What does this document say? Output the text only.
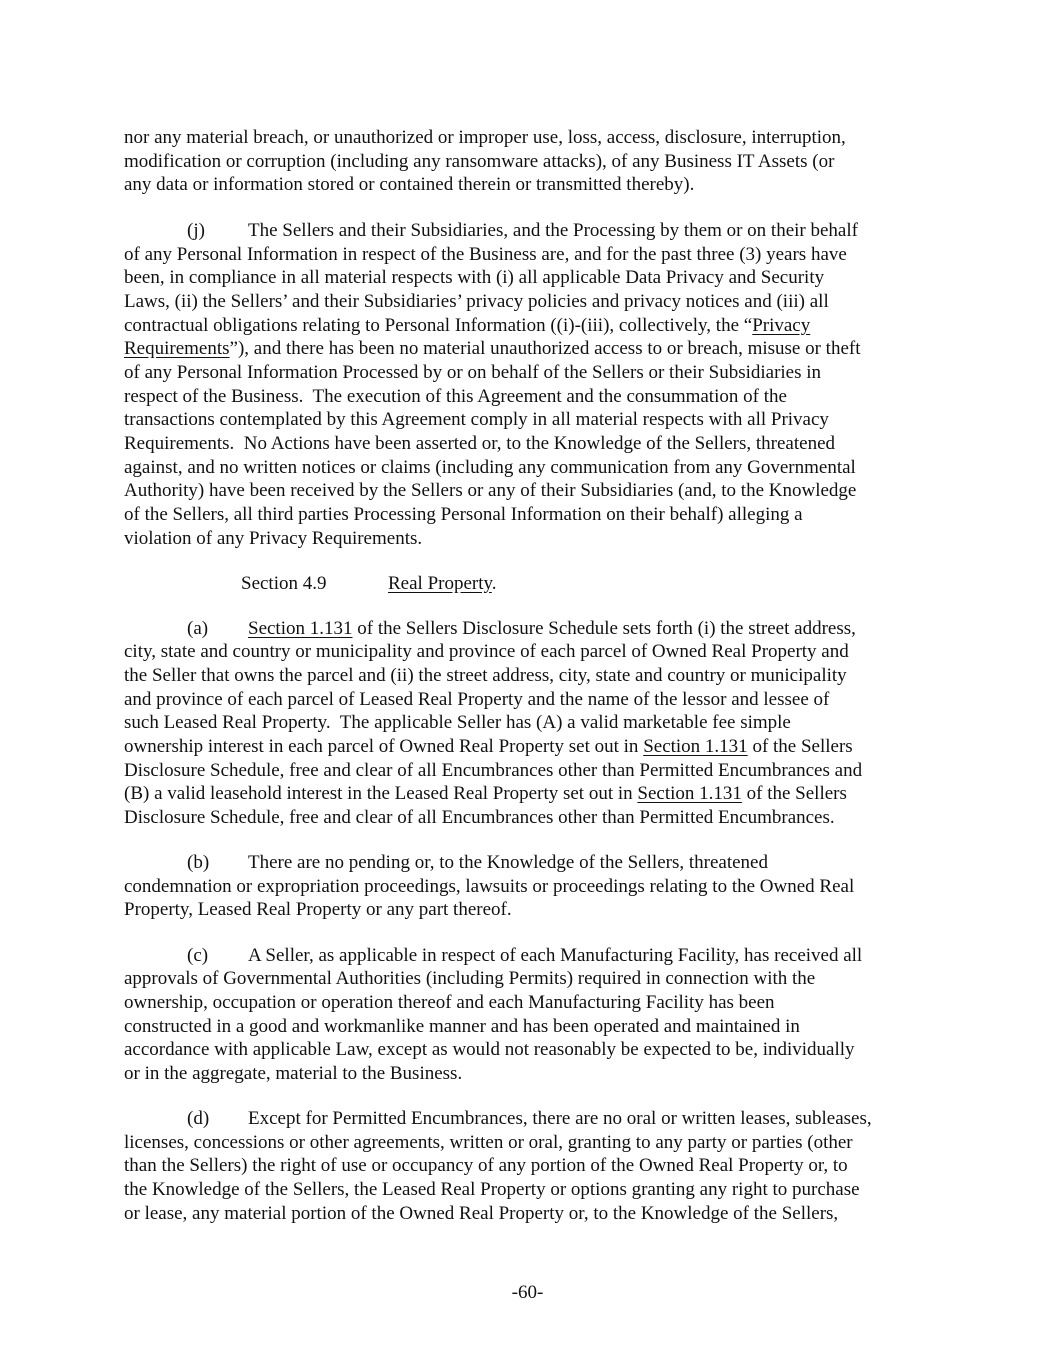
nor any material breach, or unauthorized or improper use, loss, access, disclosure, interruption,
modification or corruption (including any ransomware attacks), of any Business IT Assets (or
any data or information stored or contained therein or transmitted thereby).
(j) The Sellers and their Subsidiaries, and the Processing by them or on their behalf
of any Personal Information in respect of the Business are, and for the past three (3) years have
been, in compliance in all material respects with (i) all applicable Data Privacy and Security
Laws, (ii) the Sellers’ and their Subsidiaries’ privacy policies and privacy notices and (iii) all
contractual obligations relating to Personal Information ((i)-(iii), collectively, the “Privacy
Requirements”), and there has been no material unauthorized access to or breach, misuse or theft
of any Personal Information Processed by or on behalf of the Sellers or their Subsidiaries in
respect of the Business.  The execution of this Agreement and the consummation of the
transactions contemplated by this Agreement comply in all material respects with all Privacy
Requirements.  No Actions have been asserted or, to the Knowledge of the Sellers, threatened
against, and no written notices or claims (including any communication from any Governmental
Authority) have been received by the Sellers or any of their Subsidiaries (and, to the Knowledge
of the Sellers, all third parties Processing Personal Information on their behalf) alleging a
violation of any Privacy Requirements.
Section 4.9	Real Property.
(a) Section 1.131 of the Sellers Disclosure Schedule sets forth (i) the street address,
city, state and country or municipality and province of each parcel of Owned Real Property and
the Seller that owns the parcel and (ii) the street address, city, state and country or municipality
and province of each parcel of Leased Real Property and the name of the lessor and lessee of
such Leased Real Property.  The applicable Seller has (A) a valid marketable fee simple
ownership interest in each parcel of Owned Real Property set out in Section 1.131 of the Sellers
Disclosure Schedule, free and clear of all Encumbrances other than Permitted Encumbrances and
(B) a valid leasehold interest in the Leased Real Property set out in Section 1.131 of the Sellers
Disclosure Schedule, free and clear of all Encumbrances other than Permitted Encumbrances.
(b) There are no pending or, to the Knowledge of the Sellers, threatened
condemnation or expropriation proceedings, lawsuits or proceedings relating to the Owned Real
Property, Leased Real Property or any part thereof.
(c) A Seller, as applicable in respect of each Manufacturing Facility, has received all
approvals of Governmental Authorities (including Permits) required in connection with the
ownership, occupation or operation thereof and each Manufacturing Facility has been
constructed in a good and workmanlike manner and has been operated and maintained in
accordance with applicable Law, except as would not reasonably be expected to be, individually
or in the aggregate, material to the Business.
(d) Except for Permitted Encumbrances, there are no oral or written leases, subleases,
licenses, concessions or other agreements, written or oral, granting to any party or parties (other
than the Sellers) the right of use or occupancy of any portion of the Owned Real Property or, to
the Knowledge of the Sellers, the Leased Real Property or options granting any right to purchase
or lease, any material portion of the Owned Real Property or, to the Knowledge of the Sellers,
-60-
